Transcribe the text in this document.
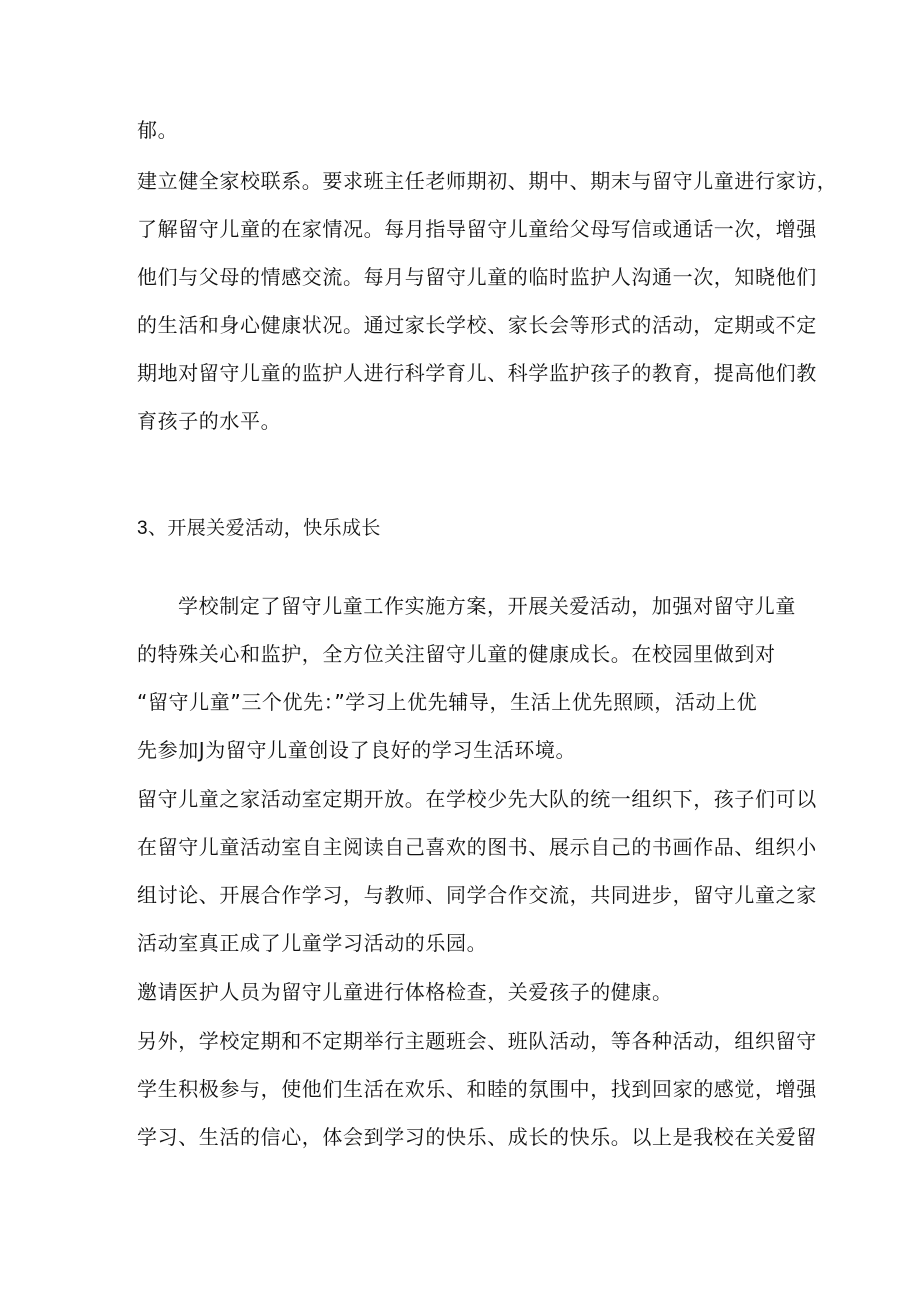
郁。
建立健全家校联系。要求班主任老师期初、期中、期末与留守儿童进行家访，
了解留守儿童的在家情况。每月指导留守儿童给父母写信或通话一次，增强
他们与父母的情感交流。每月与留守儿童的临时监护人沟通一次，知晓他们
的生活和身心健康状况。通过家长学校、家长会等形式的活动，定期或不定
期地对留守儿童的监护人进行科学育儿、科学监护孩子的教育，提高他们教
育孩子的水平。
3、开展关爱活动，快乐成长
学校制定了留守儿童工作实施方案，开展关爱活动，加强对留守儿童
的特殊关心和监护，全方位关注留守儿童的健康成长。在校园里做到对
“留守儿童”三个优先：”学习上优先辅导，生活上优先照顾，活动上优
先参加J为留守儿童创设了良好的学习生活环境。
留守儿童之家活动室定期开放。在学校少先大队的统一组织下，孩子们可以
在留守儿童活动室自主阅读自己喜欢的图书、展示自己的书画作品、组织小
组讨论、开展合作学习，与教师、同学合作交流，共同进步，留守儿童之家
活动室真正成了儿童学习活动的乐园。
邀请医护人员为留守儿童进行体格检查，关爱孩子的健康。
另外，学校定期和不定期举行主题班会、班队活动，等各种活动，组织留守
学生积极参与，使他们生活在欢乐、和睦的氛围中，找到回家的感觉，增强
学习、生活的信心，体会到学习的快乐、成长的快乐。以上是我校在关爱留
